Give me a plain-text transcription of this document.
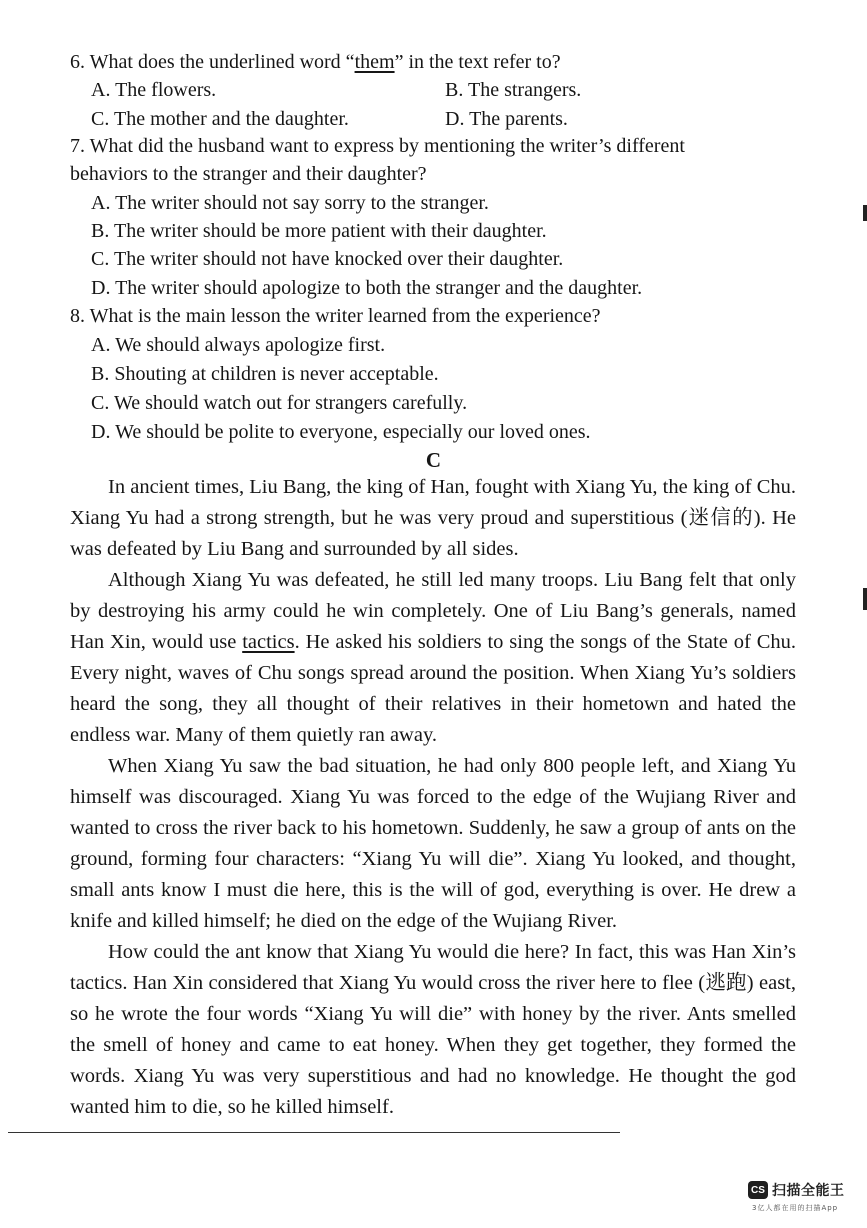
6. What does the underlined word “them” in the text refer to?
A. The flowers.	B. The strangers.
C. The mother and the daughter.	D. The parents.
7. What did the husband want to express by mentioning the writer’s different
behaviors to the stranger and their daughter?
A. The writer should not say sorry to the stranger.
B. The writer should be more patient with their daughter.
C. The writer should not have knocked over their daughter.
D. The writer should apologize to both the stranger and the daughter.
8. What is the main lesson the writer learned from the experience?
A. We should always apologize first.
B. Shouting at children is never acceptable.
C. We should watch out for strangers carefully.
D. We should be polite to everyone, especially our loved ones.
C
In ancient times, Liu Bang, the king of Han, fought with Xiang Yu, the king of Chu. Xiang Yu had a strong strength, but he was very proud and superstitious (迷信的). He was defeated by Liu Bang and surrounded by all sides.
Although Xiang Yu was defeated, he still led many troops. Liu Bang felt that only by destroying his army could he win completely. One of Liu Bang’s generals, named Han Xin, would use tactics. He asked his soldiers to sing the songs of the State of Chu. Every night, waves of Chu songs spread around the position. When Xiang Yu’s soldiers heard the song, they all thought of their relatives in their hometown and hated the endless war. Many of them quietly ran away.
When Xiang Yu saw the bad situation, he had only 800 people left, and Xiang Yu himself was discouraged. Xiang Yu was forced to the edge of the Wujiang River and wanted to cross the river back to his hometown. Suddenly, he saw a group of ants on the ground, forming four characters: “Xiang Yu will die”. Xiang Yu looked, and thought, small ants know I must die here, this is the will of god, everything is over. He drew a knife and killed himself; he died on the edge of the Wujiang River.
How could the ant know that Xiang Yu would die here? In fact, this was Han Xin’s tactics. Han Xin considered that Xiang Yu would cross the river here to flee (逃跑) east, so he wrote the four words “Xiang Yu will die” with honey by the river. Ants smelled the smell of honey and came to eat honey. When they get together, they formed the words. Xiang Yu was very superstitious and had no knowledge. He thought the god wanted him to die, so he killed himself.
CS 扫描全能王
3亿人都在用的扫描App
